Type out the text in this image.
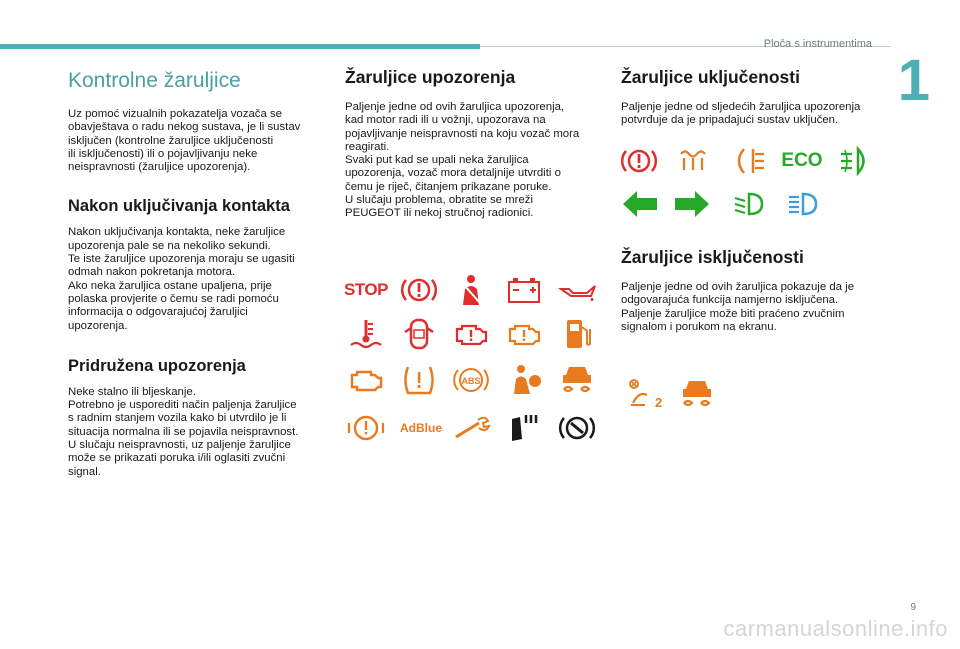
Ploča s instrumentima
1
Kontrolne žaruljice

Uz pomoć vizualnih pokazatelja vozača se
obavještava o radu nekog sustava, je li sustav
isključen (kontrolne žaruljice uključenosti
ili isključenosti) ili o pojavljivanju neke
neispravnosti (žaruljice upozorenja).

Nakon uključivanja kontakta

Nakon uključivanja kontakta, neke žaruljice
upozorenja pale se na nekoliko sekundi.
Te iste žaruljice upozorenja moraju se ugasiti
odmah nakon pokretanja motora.
Ako neka žaruljica ostane upaljena, prije
polaska provjerite o čemu se radi pomoću
informacija o odgovarajućoj žaruljici
upozorenja.

Pridružena upozorenja

Neke stalno ili bljeskanje.
Potrebno je usporediti način paljenja žaruljice
s radnim stanjem vozila kako bi utvrdilo je li
situacija normalna ili se pojavila neispravnost.
U slučaju neispravnosti, uz paljenje žaruljice
može se prikazati poruka i/ili oglasiti zvučni
signal.

Žaruljice upozorenja

Paljenje jedne od ovih žaruljica upozorenja,
kad motor radi ili u vožnji, upozorava na
pojavljivanje neispravnosti na koju vozač mora
reagirati.
Svaki put kad se upali neka žaruljica
upozorenja, vozač mora detaljnije utvrditi o
čemu je riječ, čitanjem prikazane poruke.
U slučaju problema, obratite se mreži
PEUGEOT ili nekoj stručnoj radionici.

Žaruljice uključenosti

Paljenje jedne od sljedećih žaruljica upozorenja
potvrđuje da je pripadajući sustav uključen.

Žaruljice isključenosti

Paljenje jedne od ovih žaruljica pokazuje da je
odgovarajuća funkcija namjerno isključena.
Paljenje žaruljice može biti praćeno zvučnim
signalom i porukom na ekranu.

STOP
ABS
AdBlue
ECO
2
9
carmanualsonline.info
